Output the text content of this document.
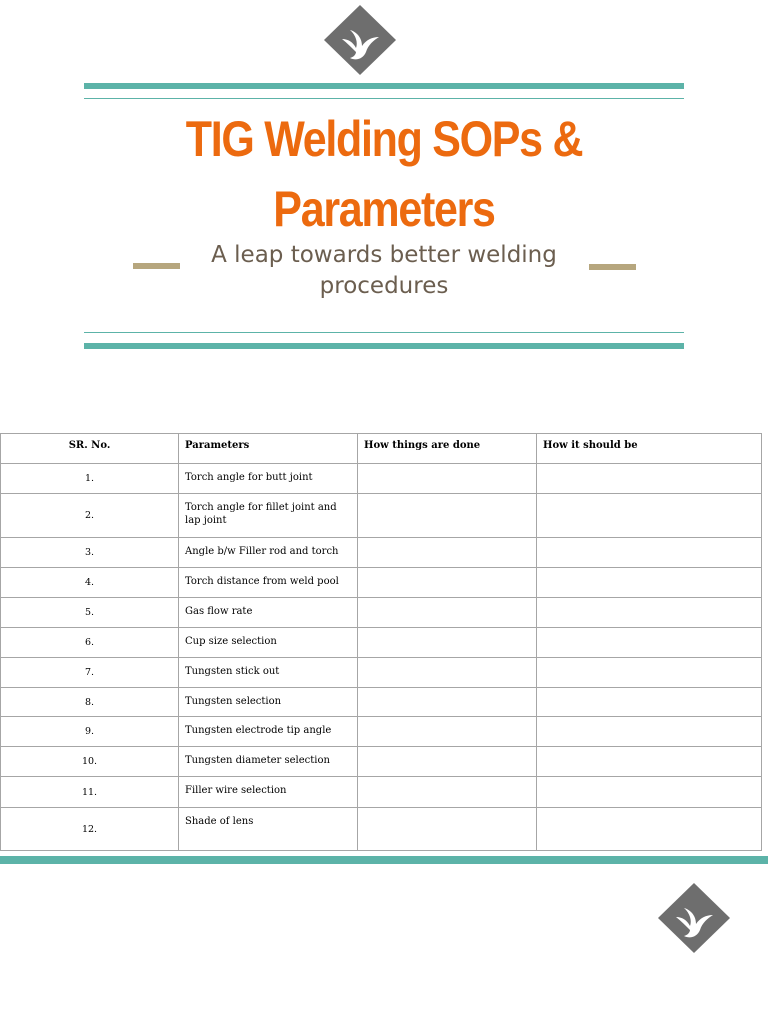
TIG Welding SOPs &
Parameters
A leap towards better welding
procedures
SR. No.	Parameters	How things are done	How it should be
1.	Torch angle for butt joint		
2.	Torch angle for fillet joint and lap joint		
3.	Angle b/w Filler rod and torch		
4.	Torch distance from weld pool		
5.	Gas flow rate		
6.	Cup size selection		
7.	Tungsten stick out		
8.	Tungsten selection		
9.	Tungsten electrode tip angle		
10.	Tungsten diameter selection		
11.	Filler wire selection		
12.	Shade of lens		
